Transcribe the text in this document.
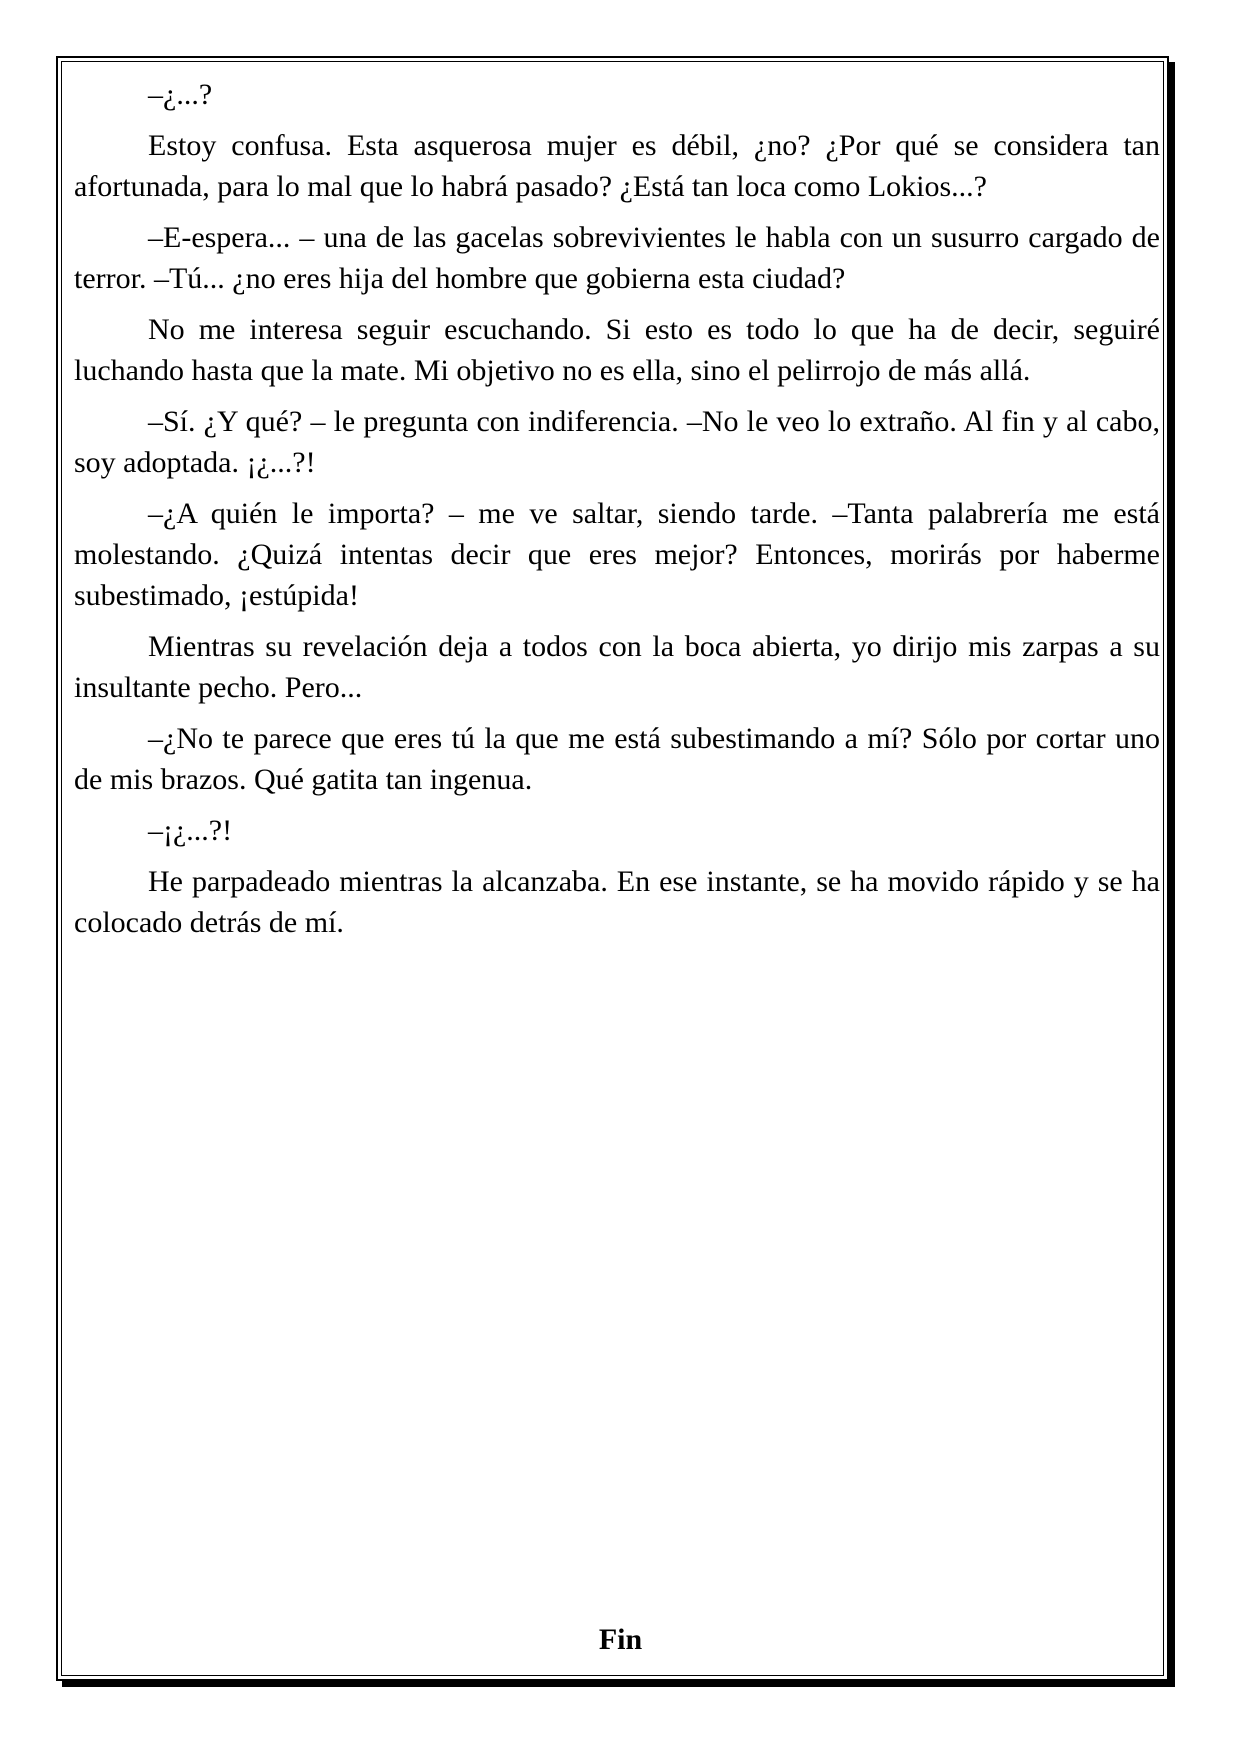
–¿...?

Estoy confusa. Esta asquerosa mujer es débil, ¿no? ¿Por qué se considera tan afortunada, para lo mal que lo habrá pasado? ¿Está tan loca como Lokios...?

–E-espera... – una de las gacelas sobrevivientes le habla con un susurro cargado de terror. –Tú... ¿no eres hija del hombre que gobierna esta ciudad?

No me interesa seguir escuchando. Si esto es todo lo que ha de decir, seguiré luchando hasta que la mate. Mi objetivo no es ella, sino el pelirrojo de más allá.

–Sí. ¿Y qué? – le pregunta con indiferencia. –No le veo lo extraño. Al fin y al cabo, soy adoptada. ¡¿...?!

–¿A quién le importa? – me ve saltar, siendo tarde. –Tanta palabrería me está molestando. ¿Quizá intentas decir que eres mejor? Entonces, morirás por haberme subestimado, ¡estúpida!

Mientras su revelación deja a todos con la boca abierta, yo dirijo mis zarpas a su insultante pecho. Pero...

–¿No te parece que eres tú la que me está subestimando a mí? Sólo por cortar uno de mis brazos. Qué gatita tan ingenua.

–¡¿...?!

He parpadeado mientras la alcanzaba. En ese instante, se ha movido rápido y se ha colocado detrás de mí.

Fin
